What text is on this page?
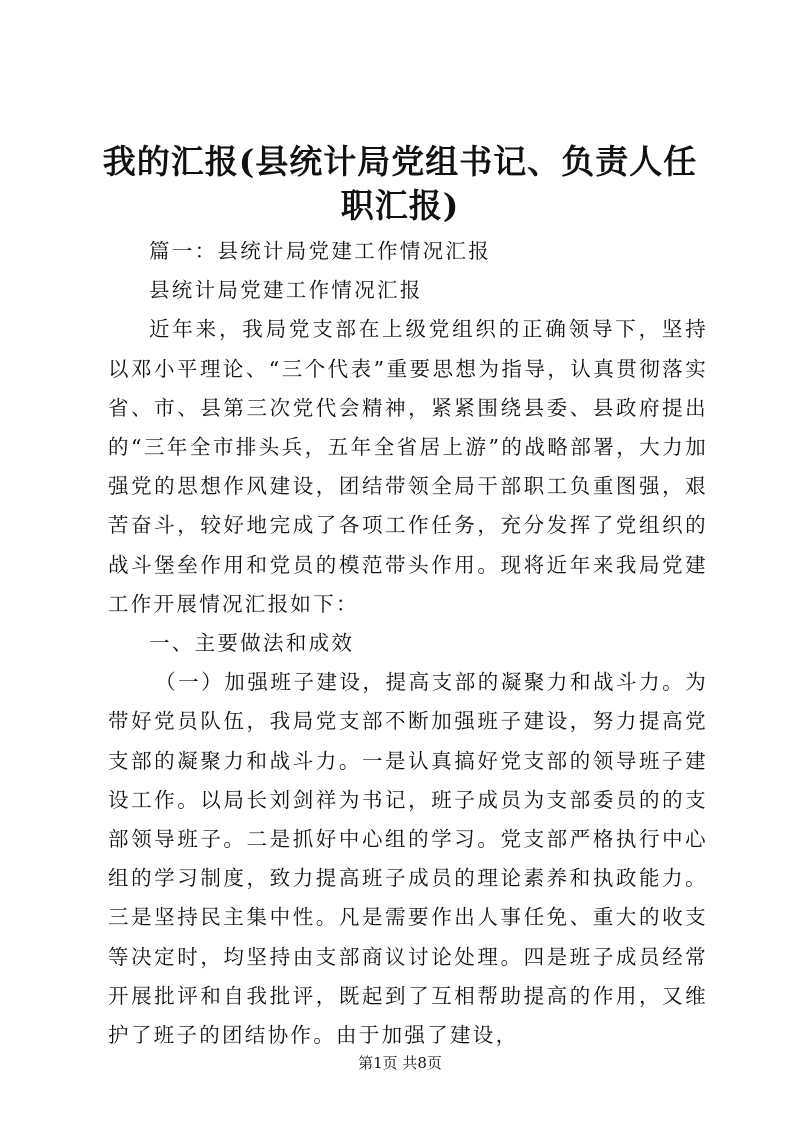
我的汇报(县统计局党组书记、负责人任职汇报)

篇一：县统计局党建工作情况汇报

县统计局党建工作情况汇报

近年来，我局党支部在上级党组织的正确领导下，坚持以邓小平理论、“三个代表”重要思想为指导，认真贯彻落实省、市、县第三次党代会精神，紧紧围绕县委、县政府提出的“三年全市排头兵，五年全省居上游”的战略部署，大力加强党的思想作风建设，团结带领全局干部职工负重图强，艰苦奋斗，较好地完成了各项工作任务，充分发挥了党组织的战斗堡垒作用和党员的模范带头作用。现将近年来我局党建工作开展情况汇报如下：

一、主要做法和成效

（一）加强班子建设，提高支部的凝聚力和战斗力。为带好党员队伍，我局党支部不断加强班子建设，努力提高党支部的凝聚力和战斗力。一是认真搞好党支部的领导班子建设工作。以局长刘剑祥为书记，班子成员为支部委员的的支部领导班子。二是抓好中心组的学习。党支部严格执行中心组的学习制度，致力提高班子成员的理论素养和执政能力。三是坚持民主集中性。凡是需要作出人事任免、重大的收支等决定时，均坚持由支部商议讨论处理。四是班子成员经常开展批评和自我批评，既起到了互相帮助提高的作用，又维护了班子的团结协作。由于加强了建设，

第1页 共8页
